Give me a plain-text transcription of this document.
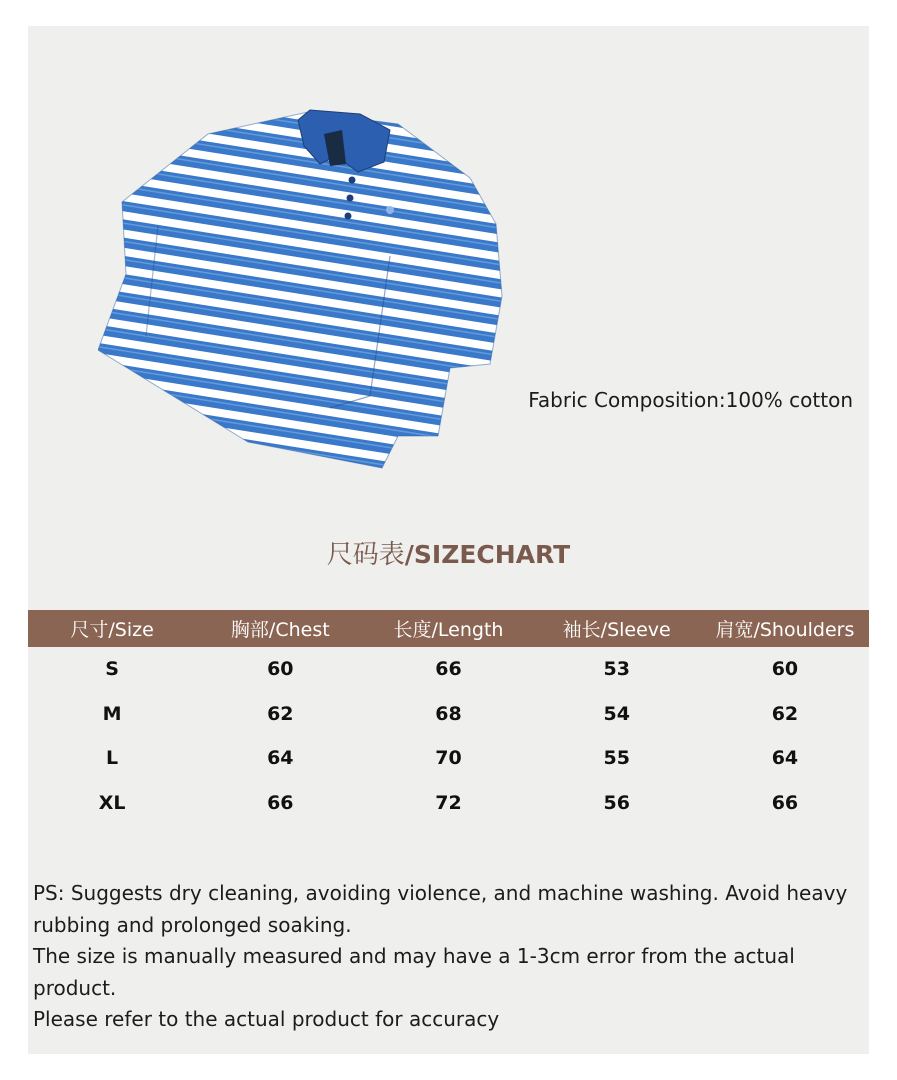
Fabric Composition:100% cotton
尺码表/SIZECHART
尺寸/Size	胸部/Chest	长度/Length	袖长/Sleeve	肩宽/Shoulders
S	60	66	53	60
M	62	68	54	62
L	64	70	55	64
XL	66	72	56	66

PS: Suggests dry cleaning, avoiding violence, and machine washing. Avoid heavy rubbing and prolonged soaking.

The size is manually measured and may have a 1-3cm error from the actual product.

Please refer to the actual product for accuracy
